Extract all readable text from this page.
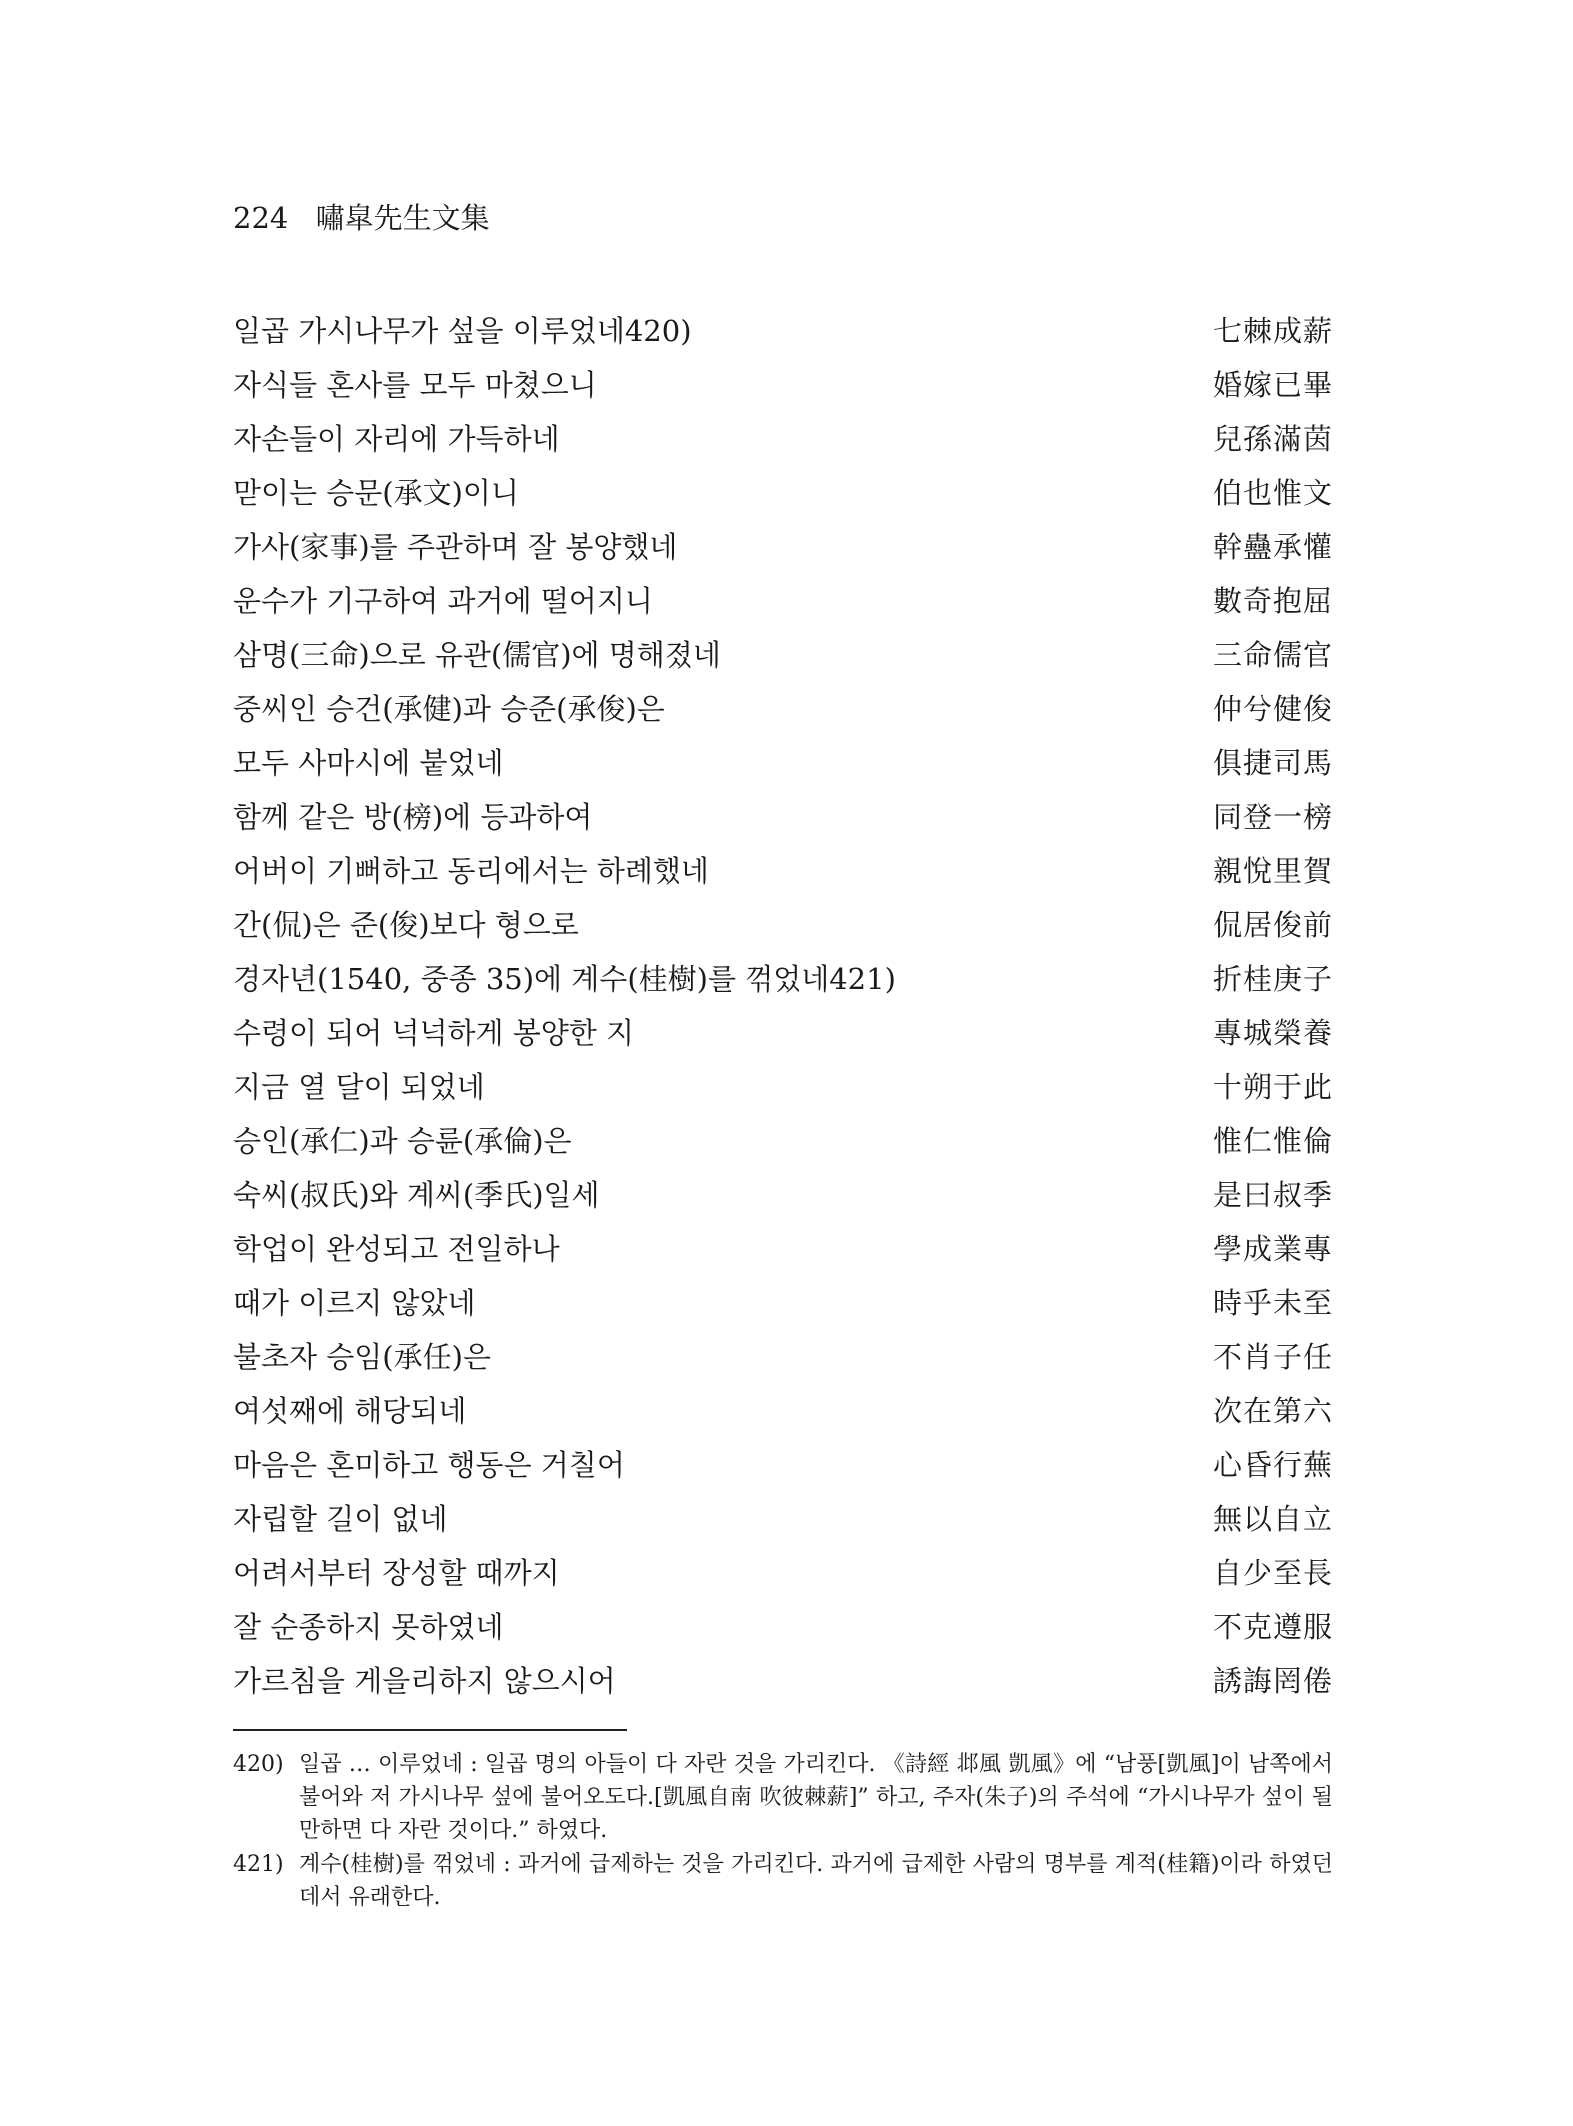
224 嘯皐先生文集
일곱 가시나무가 섶을 이루었네420)	七棘成薪
자식들 혼사를 모두 마쳤으니	婚嫁已畢
자손들이 자리에 가득하네	兒孫滿茵
맏이는 승문(承文)이니	伯也惟文
가사(家事)를 주관하며 잘 봉양했네	幹蠱承懽
운수가 기구하여 과거에 떨어지니	數奇抱屈
삼명(三命)으로 유관(儒官)에 명해졌네	三命儒官
중씨인 승건(承健)과 승준(承俊)은	仲兮健俊
모두 사마시에 붙었네	俱捷司馬
함께 같은 방(榜)에 등과하여	同登一榜
어버이 기뻐하고 동리에서는 하례했네	親悅里賀
간(侃)은 준(俊)보다 형으로	侃居俊前
경자년(1540, 중종 35)에 계수(桂樹)를 꺾었네421)	折桂庚子
수령이 되어 넉넉하게 봉양한 지	專城榮養
지금 열 달이 되었네	十朔于此
승인(承仁)과 승륜(承倫)은	惟仁惟倫
숙씨(叔氏)와 계씨(季氏)일세	是曰叔季
학업이 완성되고 전일하나	學成業專
때가 이르지 않았네	時乎未至
불초자 승임(承任)은	不肖子任
여섯째에 해당되네	次在第六
마음은 혼미하고 행동은 거칠어	心昏行蕪
자립할 길이 없네	無以自立
어려서부터 장성할 때까지	自少至長
잘 순종하지 못하였네	不克遵服
가르침을 게을리하지 않으시어	誘誨罔倦
420) 일곱 … 이루었네 : 일곱 명의 아들이 다 자란 것을 가리킨다. 《詩經 邶風 凱風》에 “남풍[凱風]이 남쪽에서 불어와 저 가시나무 섶에 불어오도다.[凱風自南 吹彼棘薪]” 하고, 주자(朱子)의 주석에 “가시나무가 섶이 될 만하면 다 자란 것이다.” 하였다.
421) 계수(桂樹)를 꺾었네 : 과거에 급제하는 것을 가리킨다. 과거에 급제한 사람의 명부를 계적(桂籍)이라 하였던 데서 유래한다.
